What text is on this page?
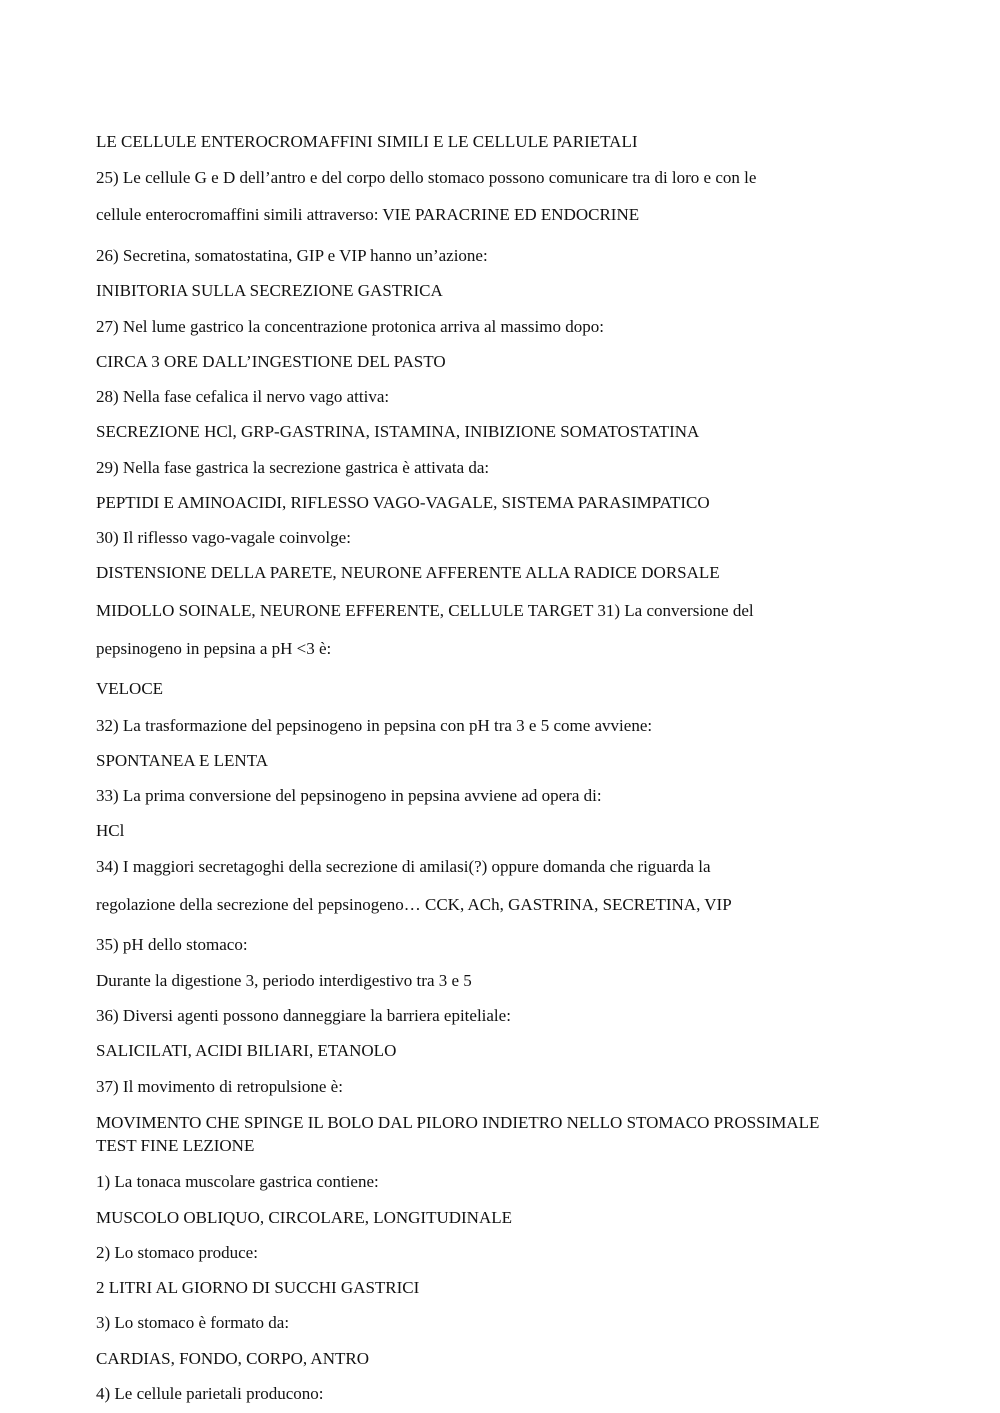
LE CELLULE ENTEROCROMAFFINI SIMILI E LE CELLULE PARIETALI
25) Le cellule G e D dell’antro e del corpo dello stomaco possono comunicare tra di loro e con le
cellule enterocromaffini simili attraverso: VIE PARACRINE ED ENDOCRINE
26) Secretina, somatostatina, GIP e VIP hanno un’azione:
INIBITORIA SULLA SECREZIONE GASTRICA
27) Nel lume gastrico la concentrazione protonica arriva al massimo dopo:
CIRCA 3 ORE DALL’INGESTIONE DEL PASTO
28) Nella fase cefalica il nervo vago attiva:
SECREZIONE HCl, GRP-GASTRINA, ISTAMINA, INIBIZIONE SOMATOSTATINA
29) Nella fase gastrica la secrezione gastrica è attivata da:
PEPTIDI E AMINOACIDI, RIFLESSO VAGO-VAGALE, SISTEMA PARASIMPATICO
30) Il riflesso vago-vagale coinvolge:
DISTENSIONE DELLA PARETE, NEURONE AFFERENTE ALLA RADICE DORSALE
MIDOLLO SOINALE, NEURONE EFFERENTE, CELLULE TARGET 31) La conversione del
pepsinogeno in pepsina a pH <3 è:
VELOCE
32) La trasformazione del pepsinogeno in pepsina con pH tra 3 e 5 come avviene:
SPONTANEA E LENTA
33) La prima conversione del pepsinogeno in pepsina avviene ad opera di:
HCl
34) I maggiori secretagoghi della secrezione di amilasi(?) oppure domanda che riguarda la
regolazione della secrezione del pepsinogeno… CCK, ACh, GASTRINA, SECRETINA, VIP
35) pH dello stomaco:
Durante la digestione 3, periodo interdigestivo tra 3 e 5
36) Diversi agenti possono danneggiare la barriera epiteliale:
SALICILATI, ACIDI BILIARI, ETANOLO
37) Il movimento di retropulsione è:
MOVIMENTO CHE SPINGE IL BOLO DAL PILORO INDIETRO NELLO STOMACO PROSSIMALE
TEST FINE LEZIONE
1) La tonaca muscolare gastrica contiene:
MUSCOLO OBLIQUO, CIRCOLARE, LONGITUDINALE
2) Lo stomaco produce:
2 LITRI AL GIORNO DI SUCCHI GASTRICI
3) Lo stomaco è formato da:
CARDIAS, FONDO, CORPO, ANTRO
4) Le cellule parietali producono:
